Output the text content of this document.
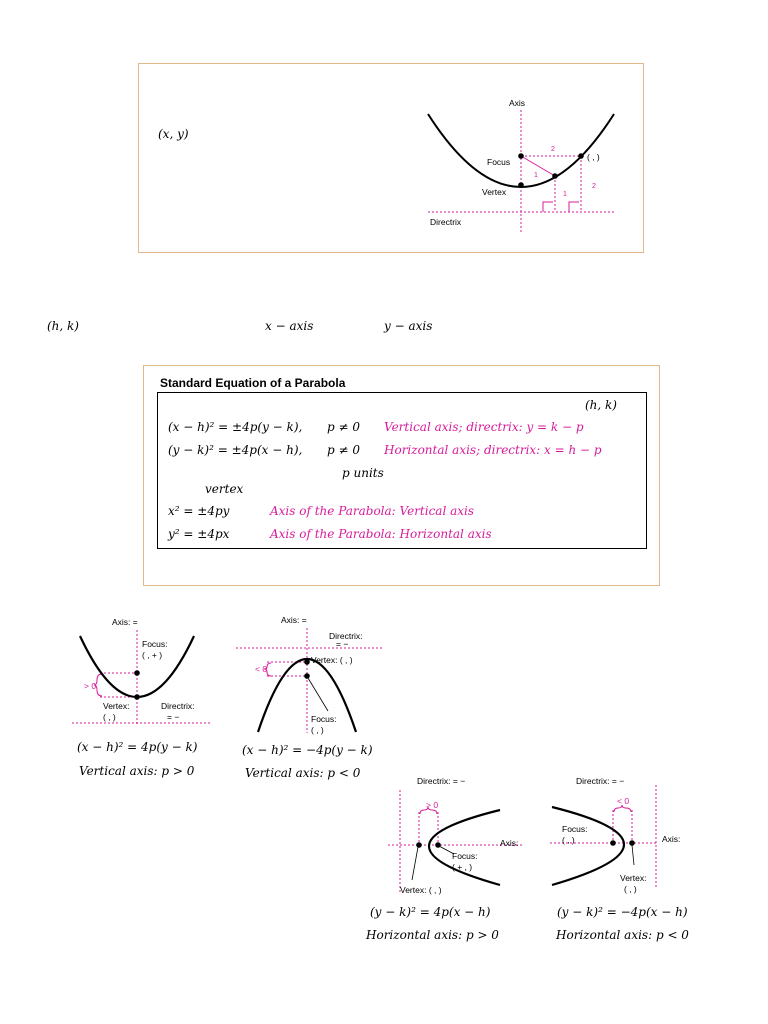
(x, y)
Axis
Focus
Vertex
Directrix
( , )
2
1
1
2
(h, k)	x − axis	y − axis
Standard Equation of a Parabola
(h, k)
(x − h)² = ±4p(y − k), p ≠ 0 Vertical axis; directrix: y = k − p
(y − k)² = ±4p(x − h), p ≠ 0 Horizontal axis; directrix: x = h − p
p units
vertex
x² = ±4py	Axis of the Parabola: Vertical axis
y² = ±4px	Axis of the Parabola: Horizontal axis
Axis: =
Focus:
( , + )
> 0
Vertex:
( , )
Directrix:
= −
(x − h)² = 4p(y − k)
Vertical axis: p > 0
Axis: =
Directrix:
= −
< 0
Vertex: ( , )
Focus:
( , )
(x − h)² = −4p(y − k)
Vertical axis: p < 0
Directrix: = −
> 0
Axis:
Focus:
( + , )
Vertex: ( , )
(y − k)² = 4p(x − h)
Horizontal axis: p > 0
Directrix: = −
< 0
Focus:
( , )	Axis:
Vertex:
( , )
(y − k)² = −4p(x − h)
Horizontal axis: p < 0
